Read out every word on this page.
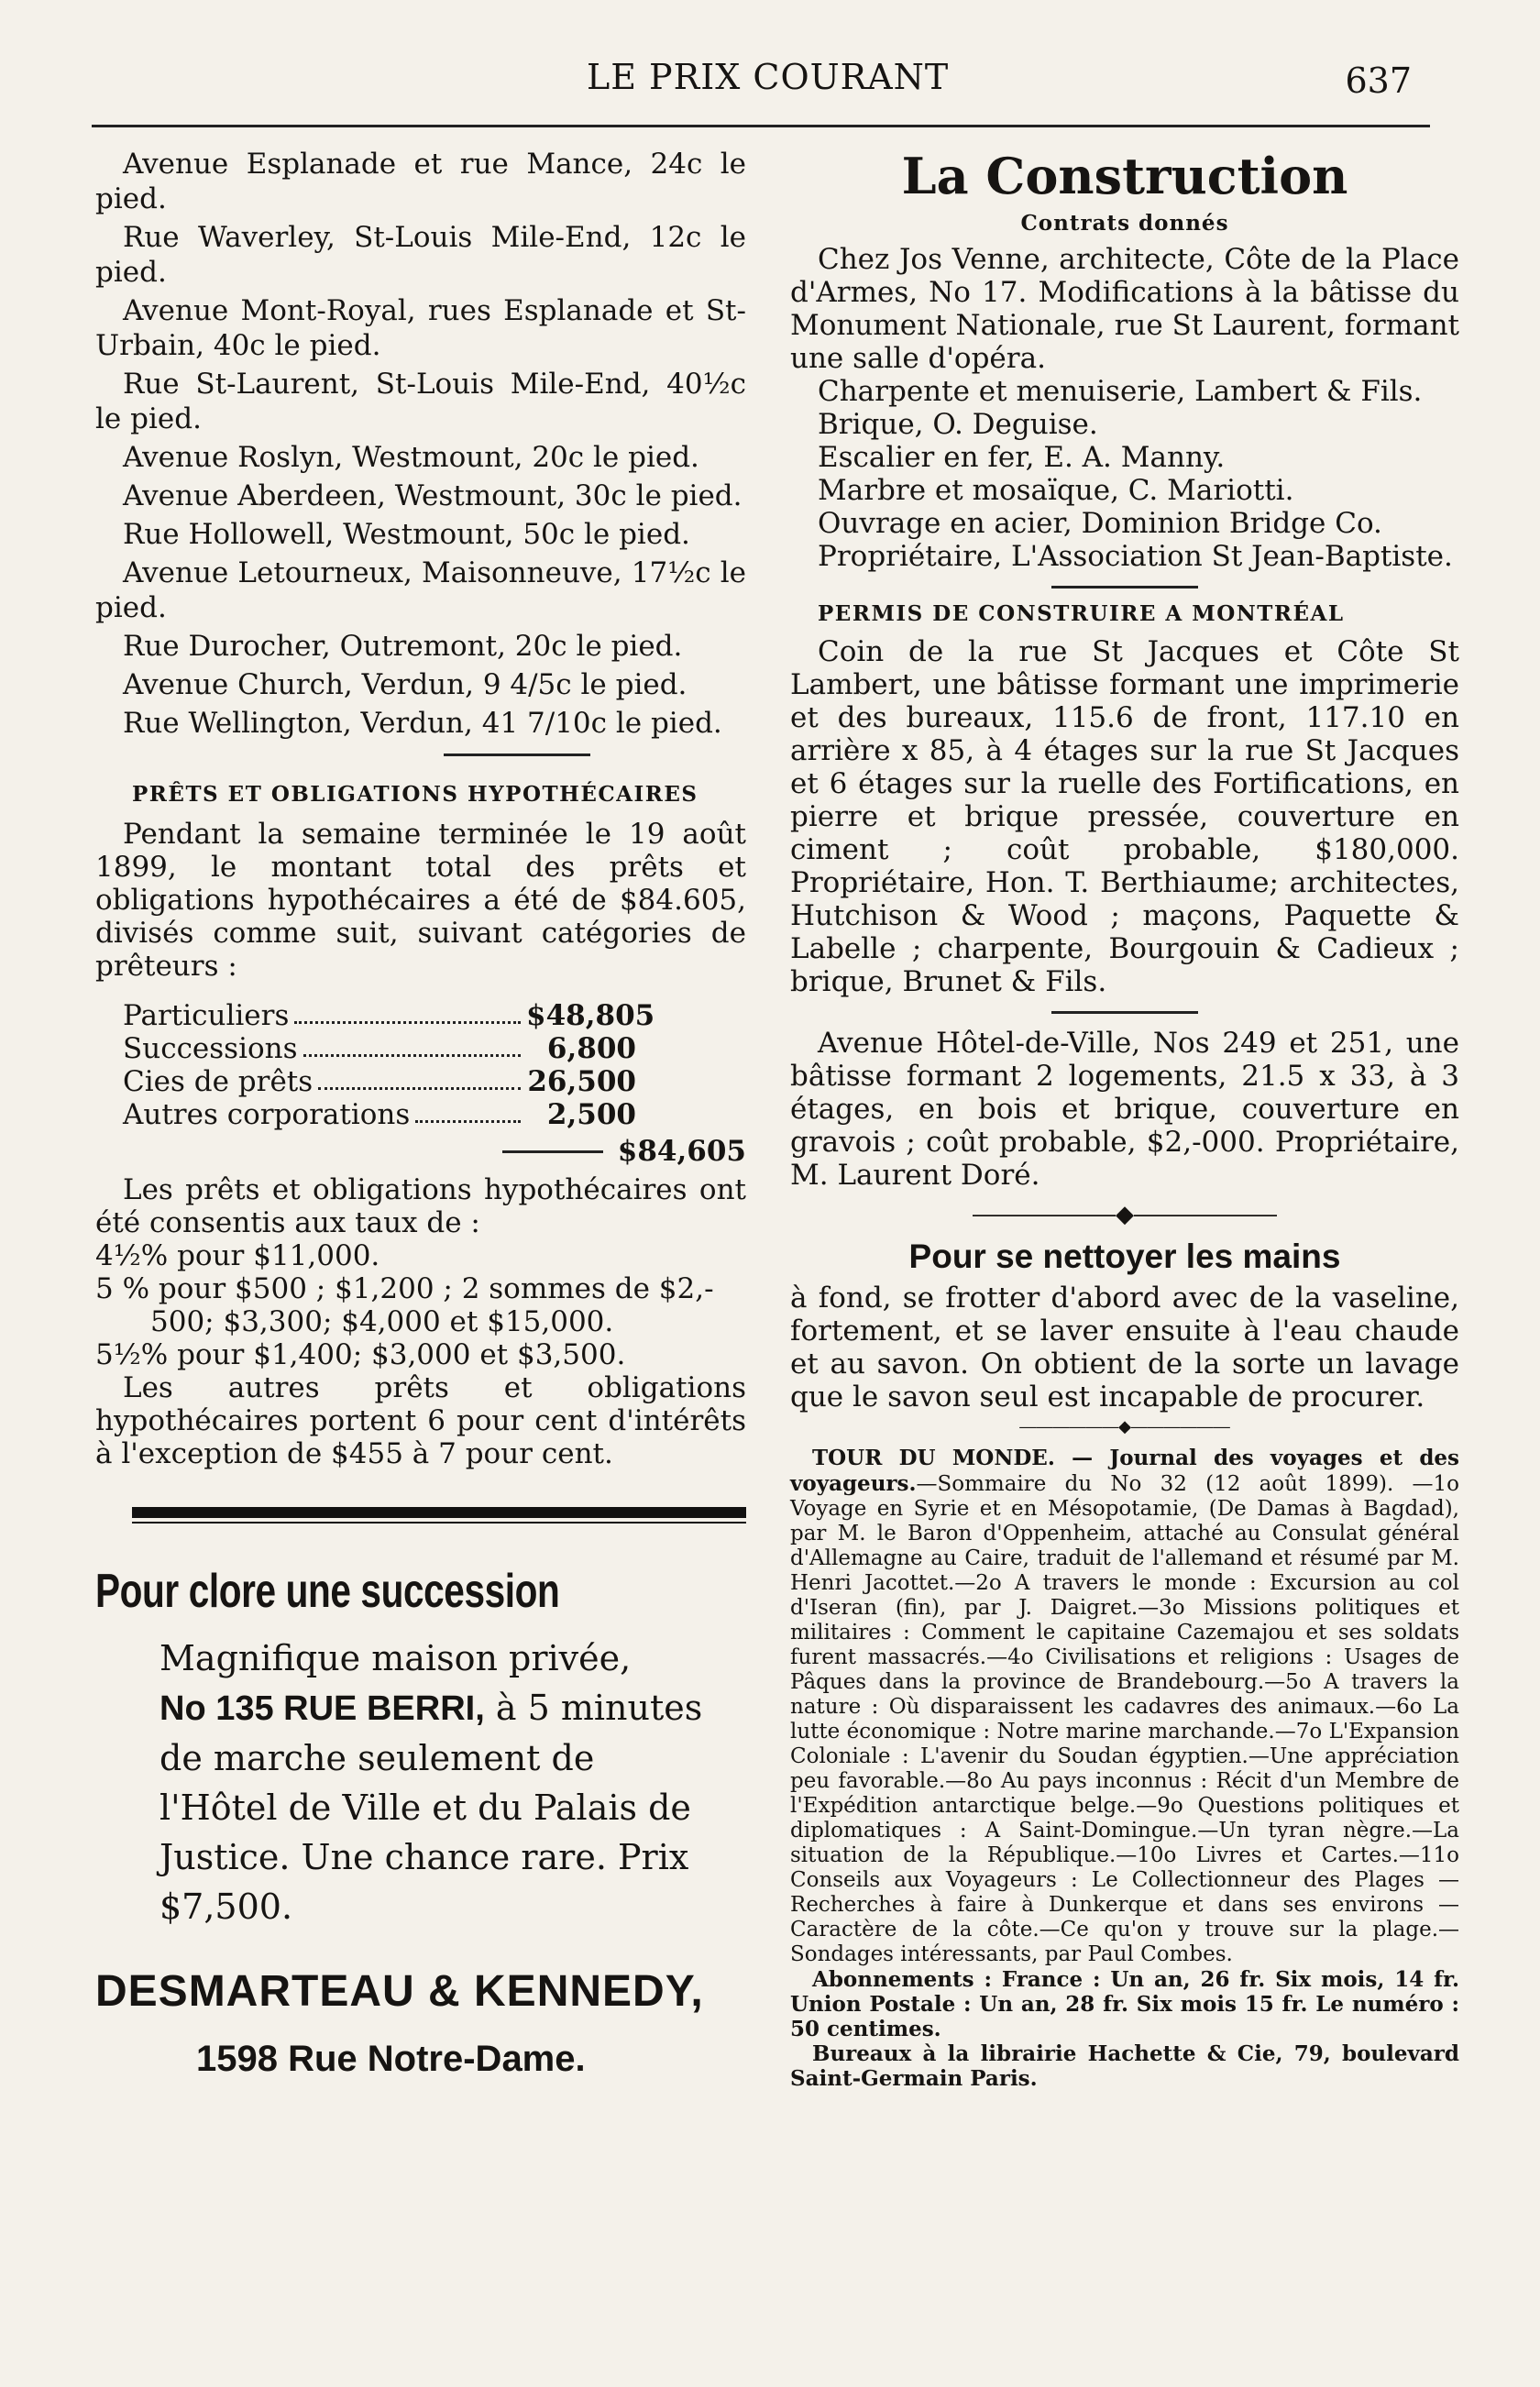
LE PRIX COURANT	637

Avenue Esplanade et rue Mance, 24c le pied.

Rue Waverley, St-Louis Mile-End, 12c le pied.

Avenue Mont-Royal, rues Esplanade et St-Urbain, 40c le pied.

Rue St-Laurent, St-Louis Mile-End, 40½c le pied.

Avenue Roslyn, Westmount, 20c le pied.

Avenue Aberdeen, Westmount, 30c le pied.

Rue Hollowell, Westmount, 50c le pied.

Avenue Letourneux, Maisonneuve, 17½c le pied.

Rue Durocher, Outremont, 20c le pied.

Avenue Church, Verdun, 9 4/5c le pied.

Rue Wellington, Verdun, 41 7/10c le pied.

PRÊTS ET OBLIGATIONS HYPOTHÉCAIRES

Pendant la semaine terminée le 19 août 1899, le montant total des prêts et obligations hypothécaires a été de $84.605, divisés comme suit, suivant catégories de prêteurs :

Particuliers	$48,805
Successions	6,800
Cies de prêts	26,500
Autres corporations	2,500
$84,605

Les prêts et obligations hypothécaires ont été consentis aux taux de :

4½% pour $11,000.

5 % pour $500 ; $1,200 ; 2 sommes de $2,-

500; $3,300; $4,000 et $15,000.

5½% pour $1,400; $3,000 et $3,500.

Les autres prêts et obligations hypothécaires portent 6 pour cent d'intérêts à l'exception de $455 à 7 pour cent.

Pour clore une succession
Magnifique maison privée,
No 135 RUE BERRI, à 5 minutes de marche seulement de l'Hôtel de Ville et du Palais de Justice. Une chance rare. Prix $7,500.
DESMARTEAU & KENNEDY,
1598 Rue Notre-Dame.
La Construction
Contrats donnés

Chez Jos Venne, architecte, Côte de la Place d'Armes, No 17. Modifications à la bâtisse du Monument Nationale, rue St Laurent, formant une salle d'opéra.

Charpente et menuiserie, Lambert & Fils.

Brique, O. Deguise.

Escalier en fer, E. A. Manny.

Marbre et mosaïque, C. Mariotti.

Ouvrage en acier, Dominion Bridge Co.

Propriétaire, L'Association St Jean-Baptiste.

PERMIS DE CONSTRUIRE A MONTRÉAL

Coin de la rue St Jacques et Côte St Lambert, une bâtisse formant une imprimerie et des bureaux, 115.6 de front, 117.10 en arrière x 85, à 4 étages sur la rue St Jacques et 6 étages sur la ruelle des Fortifications, en pierre et brique pressée, couverture en ciment ; coût probable, $180,000. Propriétaire, Hon. T. Berthiaume; architectes, Hutchison & Wood ; maçons, Paquette & Labelle ; charpente, Bourgouin & Cadieux ; brique, Brunet & Fils.

Avenue Hôtel-de-Ville, Nos 249 et 251, une bâtisse formant 2 logements, 21.5 x 33, à 3 étages, en bois et brique, couverture en gravois ; coût probable, $2,-000. Propriétaire, M. Laurent Doré.

――――――◆――――――
Pour se nettoyer les mains

à fond, se frotter d'abord avec de la vaseline, fortement, et se laver ensuite à l'eau chaude et au savon. On obtient de la sorte un lavage que le savon seul est incapable de procurer.

――――――◆――――――

TOUR DU MONDE. — Journal des voyages et des voyageurs.—Sommaire du No 32 (12 août 1899). —1o Voyage en Syrie et en Mésopotamie, (De Damas à Bagdad), par M. le Baron d'Oppenheim, attaché au Consulat général d'Allemagne au Caire, traduit de l'allemand et résumé par M. Henri Jacottet.—2o A travers le monde : Excursion au col d'Iseran (fin), par J. Daigret.—3o Missions politiques et militaires : Comment le capitaine Cazemajou et ses soldats furent massacrés.—4o Civilisations et religions : Usages de Pâques dans la province de Brandebourg.—5o A travers la nature : Où disparaissent les cadavres des animaux.—6o La lutte économique : Notre marine marchande.—7o L'Expansion Coloniale : L'avenir du Soudan égyptien.—Une appréciation peu favorable.—8o Au pays inconnus : Récit d'un Membre de l'Expédition antarctique belge.—9o Questions politiques et diplomatiques : A Saint-Domingue.—Un tyran nègre.—La situation de la République.—10o Livres et Cartes.—11o Conseils aux Voyageurs : Le Collectionneur des Plages — Recherches à faire à Dunkerque et dans ses environs —Caractère de la côte.—Ce qu'on y trouve sur la plage.—Sondages intéressants, par Paul Combes.

Abonnements : France : Un an, 26 fr. Six mois, 14 fr. Union Postale : Un an, 28 fr. Six mois 15 fr. Le numéro : 50 centimes.

Bureaux à la librairie Hachette & Cie, 79, boulevard Saint-Germain Paris.
